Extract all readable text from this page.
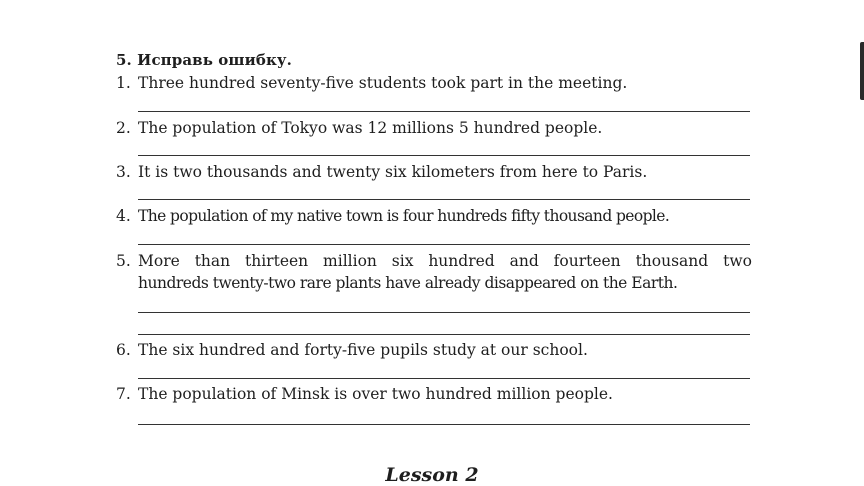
5. Исправь ошибку.
1. Three hundred seventy-five students took part in the meeting.
2. The population of Tokyo was 12 millions 5 hundred people.
3. It is two thousands and twenty six kilometers from here to Paris.
4. The population of my native town is four hundreds fifty thousand people.
5. More than thirteen million six hundred and fourteen thousand two
hundreds twenty-two rare plants have already disappeared on the Earth.
6. The six hundred and forty-five pupils study at our school.
7. The population of Minsk is over two hundred million people.
Lesson 2
